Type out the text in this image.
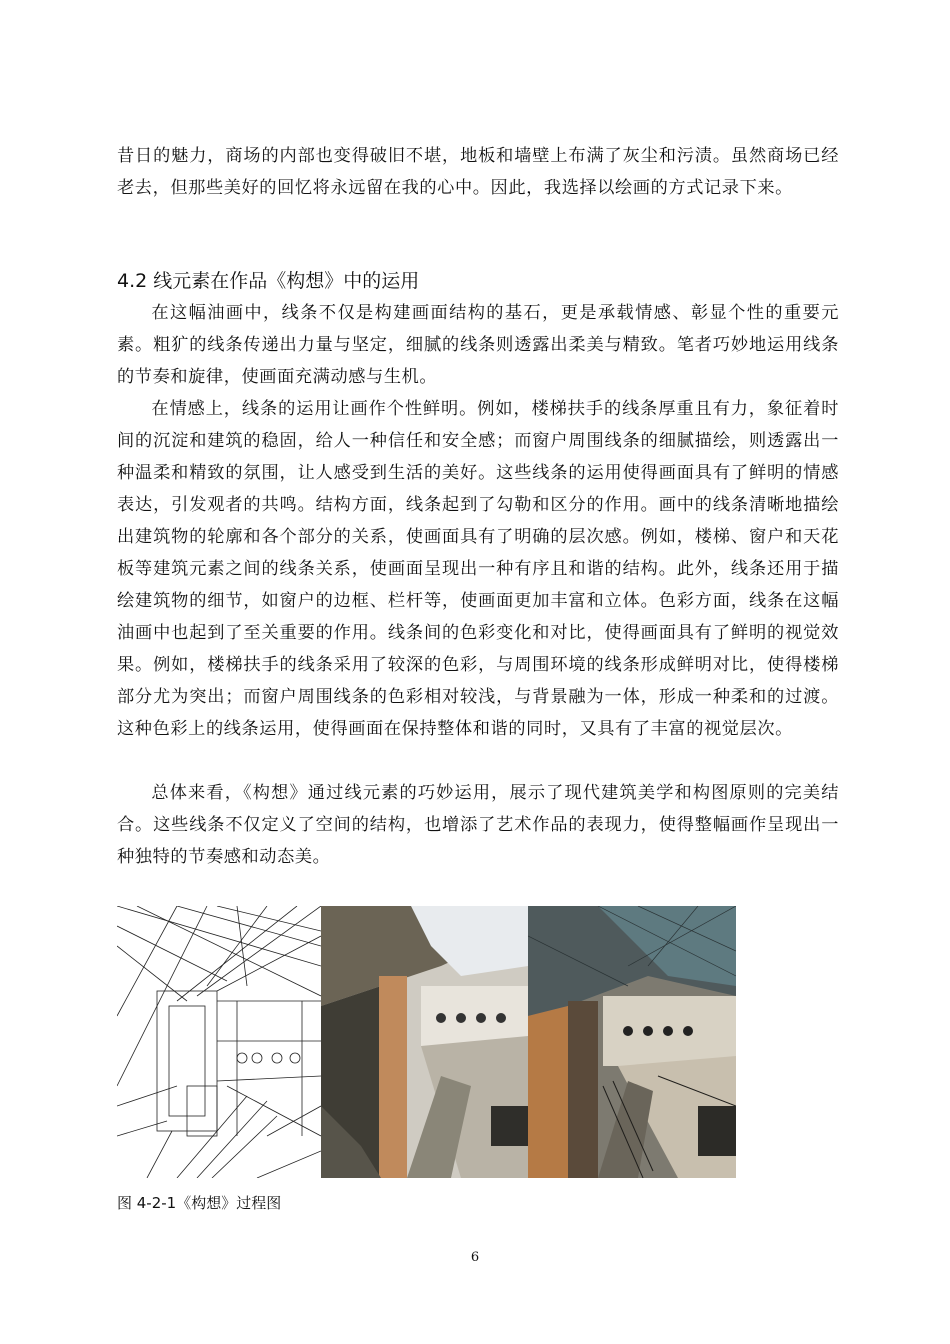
昔日的魅力，商场的内部也变得破旧不堪，地板和墙壁上布满了灰尘和污渍。虽然商场已经老去，但那些美好的回忆将永远留在我的心中。因此，我选择以绘画的方式记录下来。

4.2 线元素在作品《构想》中的运用

在这幅油画中，线条不仅是构建画面结构的基石，更是承载情感、彰显个性的重要元素。粗犷的线条传递出力量与坚定，细腻的线条则透露出柔美与精致。笔者巧妙地运用线条的节奏和旋律，使画面充满动感与生机。

在情感上，线条的运用让画作个性鲜明。例如，楼梯扶手的线条厚重且有力，象征着时间的沉淀和建筑的稳固，给人一种信任和安全感；而窗户周围线条的细腻描绘，则透露出一种温柔和精致的氛围，让人感受到生活的美好。这些线条的运用使得画面具有了鲜明的情感表达，引发观者的共鸣。结构方面，线条起到了勾勒和区分的作用。画中的线条清晰地描绘出建筑物的轮廓和各个部分的关系，使画面具有了明确的层次感。例如，楼梯、窗户和天花板等建筑元素之间的线条关系，使画面呈现出一种有序且和谐的结构。此外，线条还用于描绘建筑物的细节，如窗户的边框、栏杆等，使画面更加丰富和立体。色彩方面，线条在这幅油画中也起到了至关重要的作用。线条间的色彩变化和对比，使得画面具有了鲜明的视觉效果。例如，楼梯扶手的线条采用了较深的色彩，与周围环境的线条形成鲜明对比，使得楼梯部分尤为突出；而窗户周围线条的色彩相对较浅，与背景融为一体，形成一种柔和的过渡。这种色彩上的线条运用，使得画面在保持整体和谐的同时，又具有了丰富的视觉层次。

总体来看，《构想》通过线元素的巧妙运用，展示了现代建筑美学和构图原则的完美结合。这些线条不仅定义了空间的结构，也增添了艺术作品的表现力，使得整幅画作呈现出一种独特的节奏感和动态美。

图 4-2-1《构想》过程图

6
